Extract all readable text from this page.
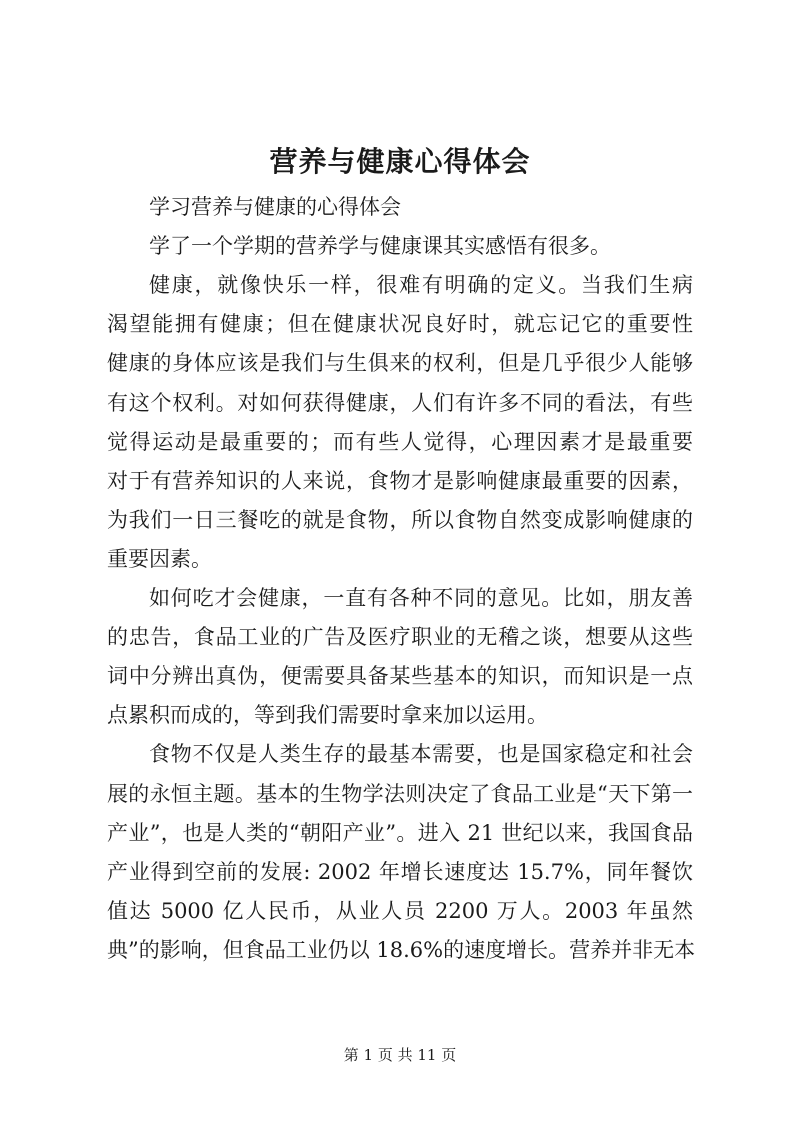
营养与健康心得体会
学习营养与健康的心得体会
学了一个学期的营养学与健康课其实感悟有很多。
健康，就像快乐一样，很难有明确的定义。当我们生病
渴望能拥有健康；但在健康状况良好时，就忘记它的重要性
健康的身体应该是我们与生俱来的权利，但是几乎很少人能够
有这个权利。对如何获得健康，人们有许多不同的看法，有些
觉得运动是最重要的；而有些人觉得，心理因素才是最重要
对于有营养知识的人来说，食物才是影响健康最重要的因素，
为我们一日三餐吃的就是食物，所以食物自然变成影响健康的
重要因素。
如何吃才会健康，一直有各种不同的意见。比如，朋友善
的忠告，食品工业的广告及医疗职业的无稽之谈，想要从这些
词中分辨出真伪，便需要具备某些基本的知识，而知识是一点
点累积而成的，等到我们需要时拿来加以运用。
食物不仅是人类生存的最基本需要，也是国家稳定和社会
展的永恒主题。基本的生物学法则决定了食品工业是“天下第一
产业”，也是人类的“朝阳产业”。进入 21 世纪以来，我国食品
产业得到空前的发展: 2002 年增长速度达 15.7%，同年餐饮
值达 5000 亿人民币，从业人员 2200 万人。2003 年虽然
典”的影响，但食品工业仍以 18.6%的速度增长。营养并非无本
第 1 页 共 11 页
